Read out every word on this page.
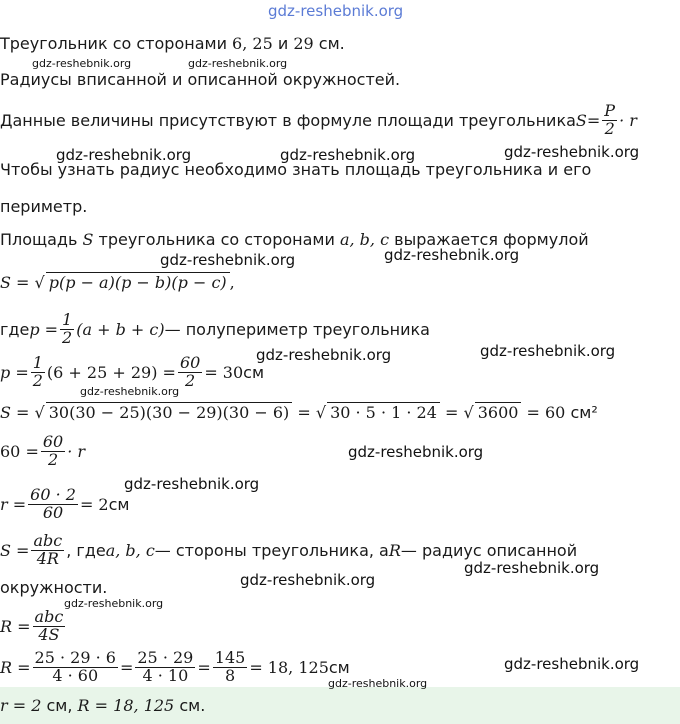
gdz-reshebnik.org
Треугольник со сторонами 6, 25 и 29 см.
Радиусы вписанной и описанной окружностей.
Данные величины присутствуют в формуле площади треугольника $S = \frac{P}{2} \cdot r$
Чтобы узнать радиус необходимо знать площадь треугольника и его
периметр.
Площадь S треугольника со сторонами a, b, c выражается формулой
S = √ p(p − a)(p − b)(p − c) ,
где $p = \frac{1}{2} (a + b + c)$ — полупериметр треугольника
$p = \frac{1}{2} (6 + 25 + 29) = \frac{60}{2} = 30$ см
S = √ 30(30 − 25)(30 − 29)(30 − 6) = √ 30 · 5 · 1 · 24 = √ 3600 = 60 см²
$60 = \frac{60}{2} \cdot r$
$r = \frac{60 \cdot 2}{60} = 2$ см
$S = \frac{\text{abc}}{4R}$ , где a, b, c — стороны треугольника, а R — радиус описанной
окружности.
$R = \frac{\text{abc}}{4S}$
$R = \frac{25 \cdot 29 \cdot 6}{4 \cdot 60} = \frac{25 \cdot 29}{4 \cdot 10} = \frac{145}{8} = 18$, 125 см
r = 2 см, R = 18, 125 см.
gdz-reshebnik.org	gdz-reshebnik.org
gdz-reshebnik.org	gdz-reshebnik.org	gdz-reshebnik.org
gdz-reshebnik.org	gdz-reshebnik.org
gdz-reshebnik.org	gdz-reshebnik.org
gdz-reshebnik.org
gdz-reshebnik.org
gdz-reshebnik.org
gdz-reshebnik.org
gdz-reshebnik.org
gdz-reshebnik.org
gdz-reshebnik.org
gdz-reshebnik.org
